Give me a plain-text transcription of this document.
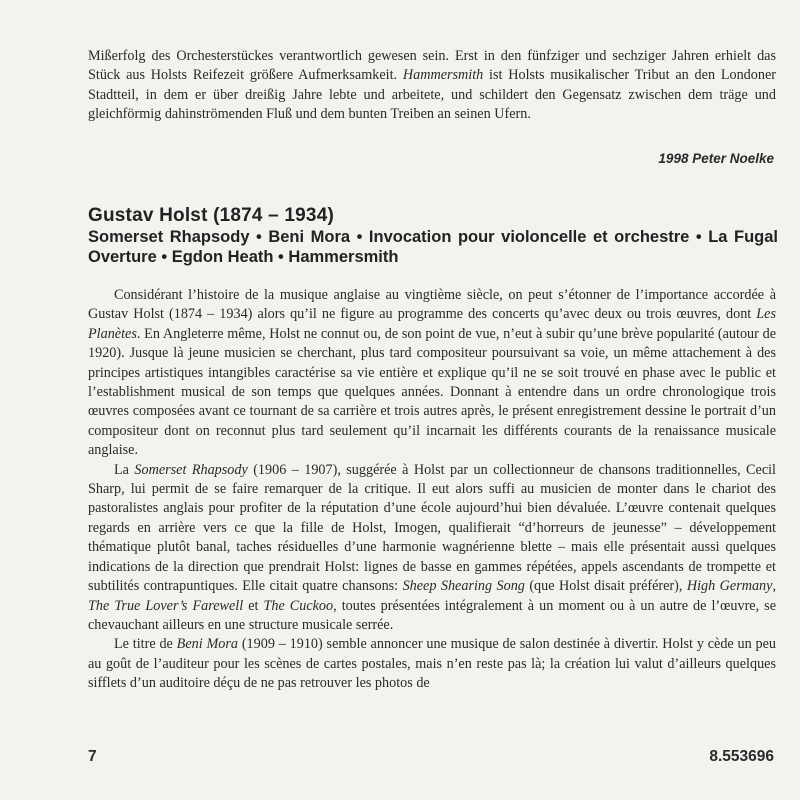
Mißerfolg des Orchesterstückes verantwortlich gewesen sein. Erst in den fünfziger und sechziger Jahren erhielt das Stück aus Holsts Reifezeit größere Aufmerksamkeit. Hammersmith ist Holsts musikalischer Tribut an den Londoner Stadtteil, in dem er über dreißig Jahre lebte und arbeitete, und schildert den Gegensatz zwischen dem träge und gleichförmig dahinströmenden Fluß und dem bunten Treiben an seinen Ufern.

1998 Peter Noelke
Gustav Holst (1874 – 1934)
Somerset Rhapsody • Beni Mora • Invocation pour violoncelle et orchestre • La Fugal Overture • Egdon Heath • Hammersmith

Considérant l’histoire de la musique anglaise au vingtième siècle, on peut s’étonner de l’importance accordée à Gustav Holst (1874 – 1934) alors qu’il ne figure au programme des concerts qu’avec deux ou trois œuvres, dont Les Planètes. En Angleterre même, Holst ne connut ou, de son point de vue, n’eut à subir qu’une brève popularité (autour de 1920). Jusque là jeune musicien se cherchant, plus tard compositeur poursuivant sa voie, un même attachement à des principes artistiques intangibles caractérise sa vie entière et explique qu’il ne se soit trouvé en phase avec le public et l’establishment musical de son temps que quelques années. Donnant à entendre dans un ordre chronologique trois œuvres composées avant ce tournant de sa carrière et trois autres après, le présent enregistrement dessine le portrait d’un compositeur dont on reconnut plus tard seulement qu’il incarnait les différents courants de la renaissance musicale anglaise.

La Somerset Rhapsody (1906 – 1907), suggérée à Holst par un collectionneur de chansons traditionnelles, Cecil Sharp, lui permit de se faire remarquer de la critique. Il eut alors suffi au musicien de monter dans le chariot des pastoralistes anglais pour profiter de la réputation d’une école aujourd’hui bien dévaluée. L’œuvre contenait quelques regards en arrière vers ce que la fille de Holst, Imogen, qualifierait “d’horreurs de jeunesse” – développement thématique plutôt banal, taches résiduelles d’une harmonie wagnérienne blette – mais elle présentait aussi quelques indications de la direction que prendrait Holst: lignes de basse en gammes répétées, appels ascendants de trompette et subtilités contrapuntiques. Elle citait quatre chansons: Sheep Shearing Song (que Holst disait préférer), High Germany, The True Lover’s Farewell et The Cuckoo, toutes présentées intégralement à un moment ou à un autre de l’œuvre, se chevauchant ailleurs en une structure musicale serrée.

Le titre de Beni Mora (1909 – 1910) semble annoncer une musique de salon destinée à divertir. Holst y cède un peu au goût de l’auditeur pour les scènes de cartes postales, mais n’en reste pas là; la création lui valut d’ailleurs quelques sifflets d’un auditoire déçu de ne pas retrouver les photos de

7	8.553696
